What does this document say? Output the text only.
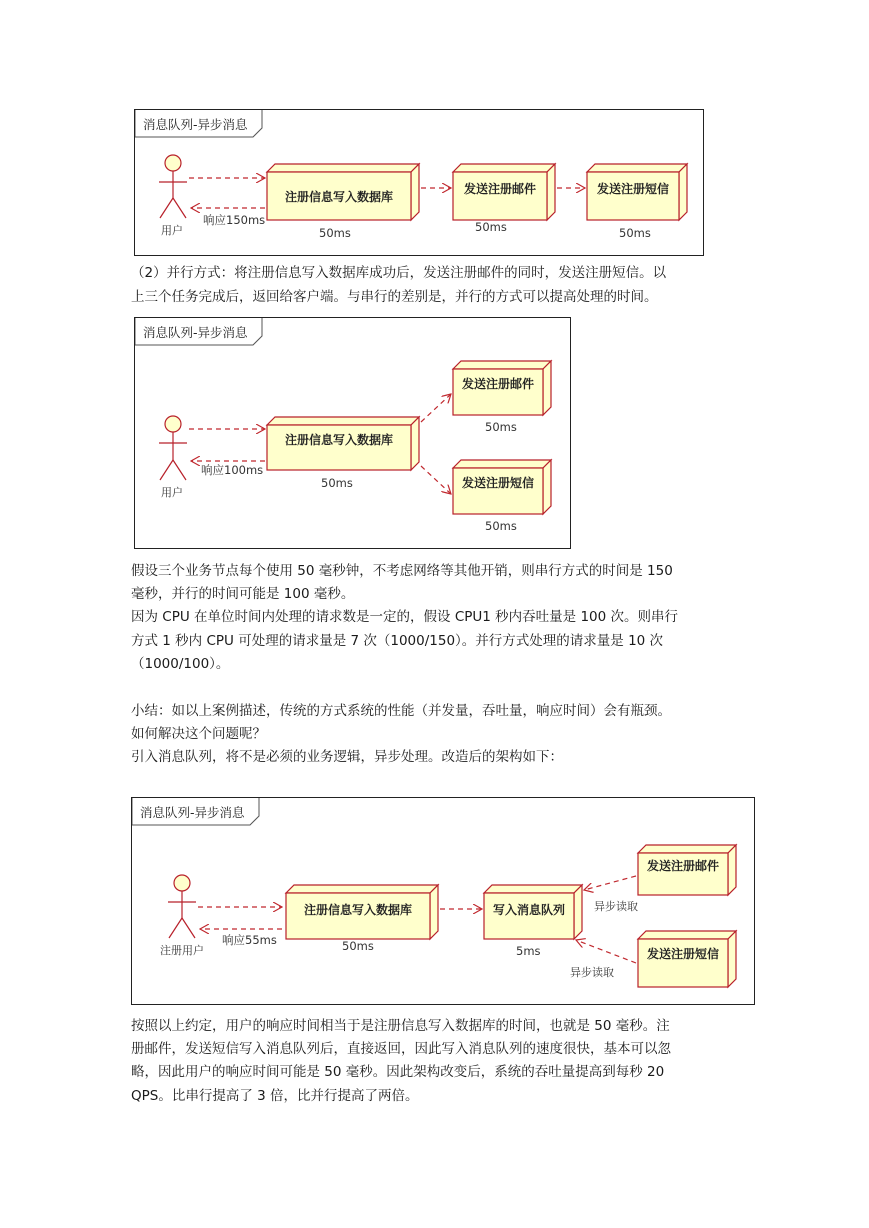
消息队列-异步消息
用户
响应150ms
注册信息写入数据库
50ms
发送注册邮件
50ms
发送注册短信
50ms
（2）并行方式：将注册信息写入数据库成功后，发送注册邮件的同时，发送注册短信。以
上三个任务完成后，返回给客户端。与串行的差别是，并行的方式可以提高处理的时间。
消息队列-异步消息
用户
响应100ms
注册信息写入数据库
50ms
发送注册邮件
50ms
发送注册短信
50ms
假设三个业务节点每个使用 50 毫秒钟，不考虑网络等其他开销，则串行方式的时间是 150
毫秒，并行的时间可能是 100 毫秒。
因为 CPU 在单位时间内处理的请求数是一定的，假设 CPU1 秒内吞吐量是 100 次。则串行
方式 1 秒内 CPU 可处理的请求量是 7 次（1000/150）。并行方式处理的请求量是 10 次
（1000/100）。
小结：如以上案例描述，传统的方式系统的性能（并发量，吞吐量，响应时间）会有瓶颈。
如何解决这个问题呢？
引入消息队列，将不是必须的业务逻辑，异步处理。改造后的架构如下：
消息队列-异步消息
注册用户
响应55ms
注册信息写入数据库
50ms
写入消息队列
5ms
异步读取
异步读取
发送注册邮件
发送注册短信
按照以上约定，用户的响应时间相当于是注册信息写入数据库的时间，也就是 50 毫秒。注
册邮件，发送短信写入消息队列后，直接返回，因此写入消息队列的速度很快，基本可以忽
略，因此用户的响应时间可能是 50 毫秒。因此架构改变后，系统的吞吐量提高到每秒 20
QPS。比串行提高了 3 倍，比并行提高了两倍。
